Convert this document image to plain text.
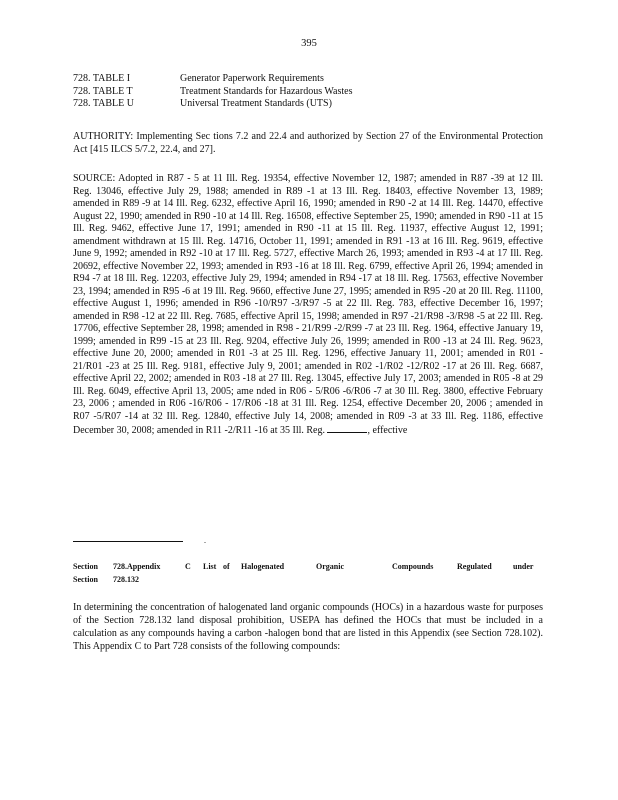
395
728. TABLE I	Generator Paperwork Requirements
728. TABLE T	Treatment Standards for Hazardous Wastes
728. TABLE U	Universal Treatment Standards (UTS)
AUTHORITY: Implementing Sec tions 7.2 and 22.4 and authorized by Section 27 of the Environmental Protection Act [415 ILCS 5/7.2, 22.4, and 27].
SOURCE: Adopted in R87 - 5 at 11 Ill. Reg. 19354, effective November 12, 1987; amended in R87 -39 at 12 Ill. Reg. 13046, effective July 29, 1988; amended in R89 -1 at 13 Ill. Reg. 18403, effective November 13, 1989; amended in R89 -9 at 14 Ill. Reg. 6232, effective April 16, 1990; amended in R90 -2 at 14 Ill. Reg. 14470, effective August 22, 1990; amended in R90 -10 at 14 Ill. Reg. 16508, effective September 25, 1990; amended in R90 -11 at 15 Ill. Reg. 9462, effective June 17, 1991; amended in R90 -11 at 15 Ill. Reg. 11937, effective August 12, 1991; amendment withdrawn at 15 Ill. Reg. 14716, October 11, 1991; amended in R91 -13 at 16 Ill. Reg. 9619, effective June 9, 1992; amended in R92 -10 at 17 Ill. Reg. 5727, effective March 26, 1993; amended in R93 -4 at 17 Ill. Reg. 20692, effective November 22, 1993; amended in R93 -16 at 18 Ill. Reg. 6799, effective April 26, 1994; amended in R94 -7 at 18 Ill. Reg. 12203, effective July 29, 1994; amended in R94 -17 at 18 Ill. Reg. 17563, effective November 23, 1994; amended in R95 -6 at 19 Ill. Reg. 9660, effective June 27, 1995; amended in R95 -20 at 20 Ill. Reg. 11100, effective August 1, 1996; amended in R96 -10/R97 -3/R97 -5 at 22 Ill. Reg. 783, effective December 16, 1997; amended in R98 -12 at 22 Ill. Reg. 7685, effective April 15, 1998; amended in R97 -21/R98 -3/R98 -5 at 22 Ill. Reg. 17706, effective September 28, 1998; amended in R98 - 21/R99 -2/R99 -7 at 23 Ill. Reg. 1964, effective January 19, 1999; amended in R99 -15 at 23 Ill. Reg. 9204, effective July 26, 1999; amended in R00 -13 at 24 Ill. Reg. 9623, effective June 20, 2000; amended in R01 -3 at 25 Ill. Reg. 1296, effective January 11, 2001; amended in R01 - 21/R01 -23 at 25 Ill. Reg. 9181, effective July 9, 2001; amended in R02 -1/R02 -12/R02 -17 at 26 Ill. Reg. 6687, effective April 22, 2002; amended in R03 -18 at 27 Ill. Reg. 13045, effective July 17, 2003; amended in R05 -8 at 29 Ill. Reg. 6049, effective April 13, 2005; ame nded in R06 - 5/R06 -6/R06 -7 at 30 Ill. Reg. 3800, effective February 23, 2006 ; amended in R06 -16/R06 - 17/R06 -18 at 31 Ill. Reg. 1254, effective December 20, 2006 ; amended in R07 -5/R07 -14 at 32 Ill. Reg. 12840, effective July 14, 2008; amended in R09 -3 at 33 Ill. Reg. 1186, effective December 30, 2008; amended in R11 -2/R11 -16 at 35 Ill. Reg.	, effective
.
Section	728.Appendix	C	List of	Halogenated	Organic	Compounds	Regulated	under
Section	728.132
In determining the concentration of halogenated land organic compounds (HOCs) in a hazardous waste for purposes of the Section 728.132 land disposal prohibition, USEPA has defined the HOCs that must be included in a calculation as any compounds having a carbon -halogen bond that are listed in this Appendix (see Section 728.102). This Appendix C to Part 728 consists of the following compounds:
